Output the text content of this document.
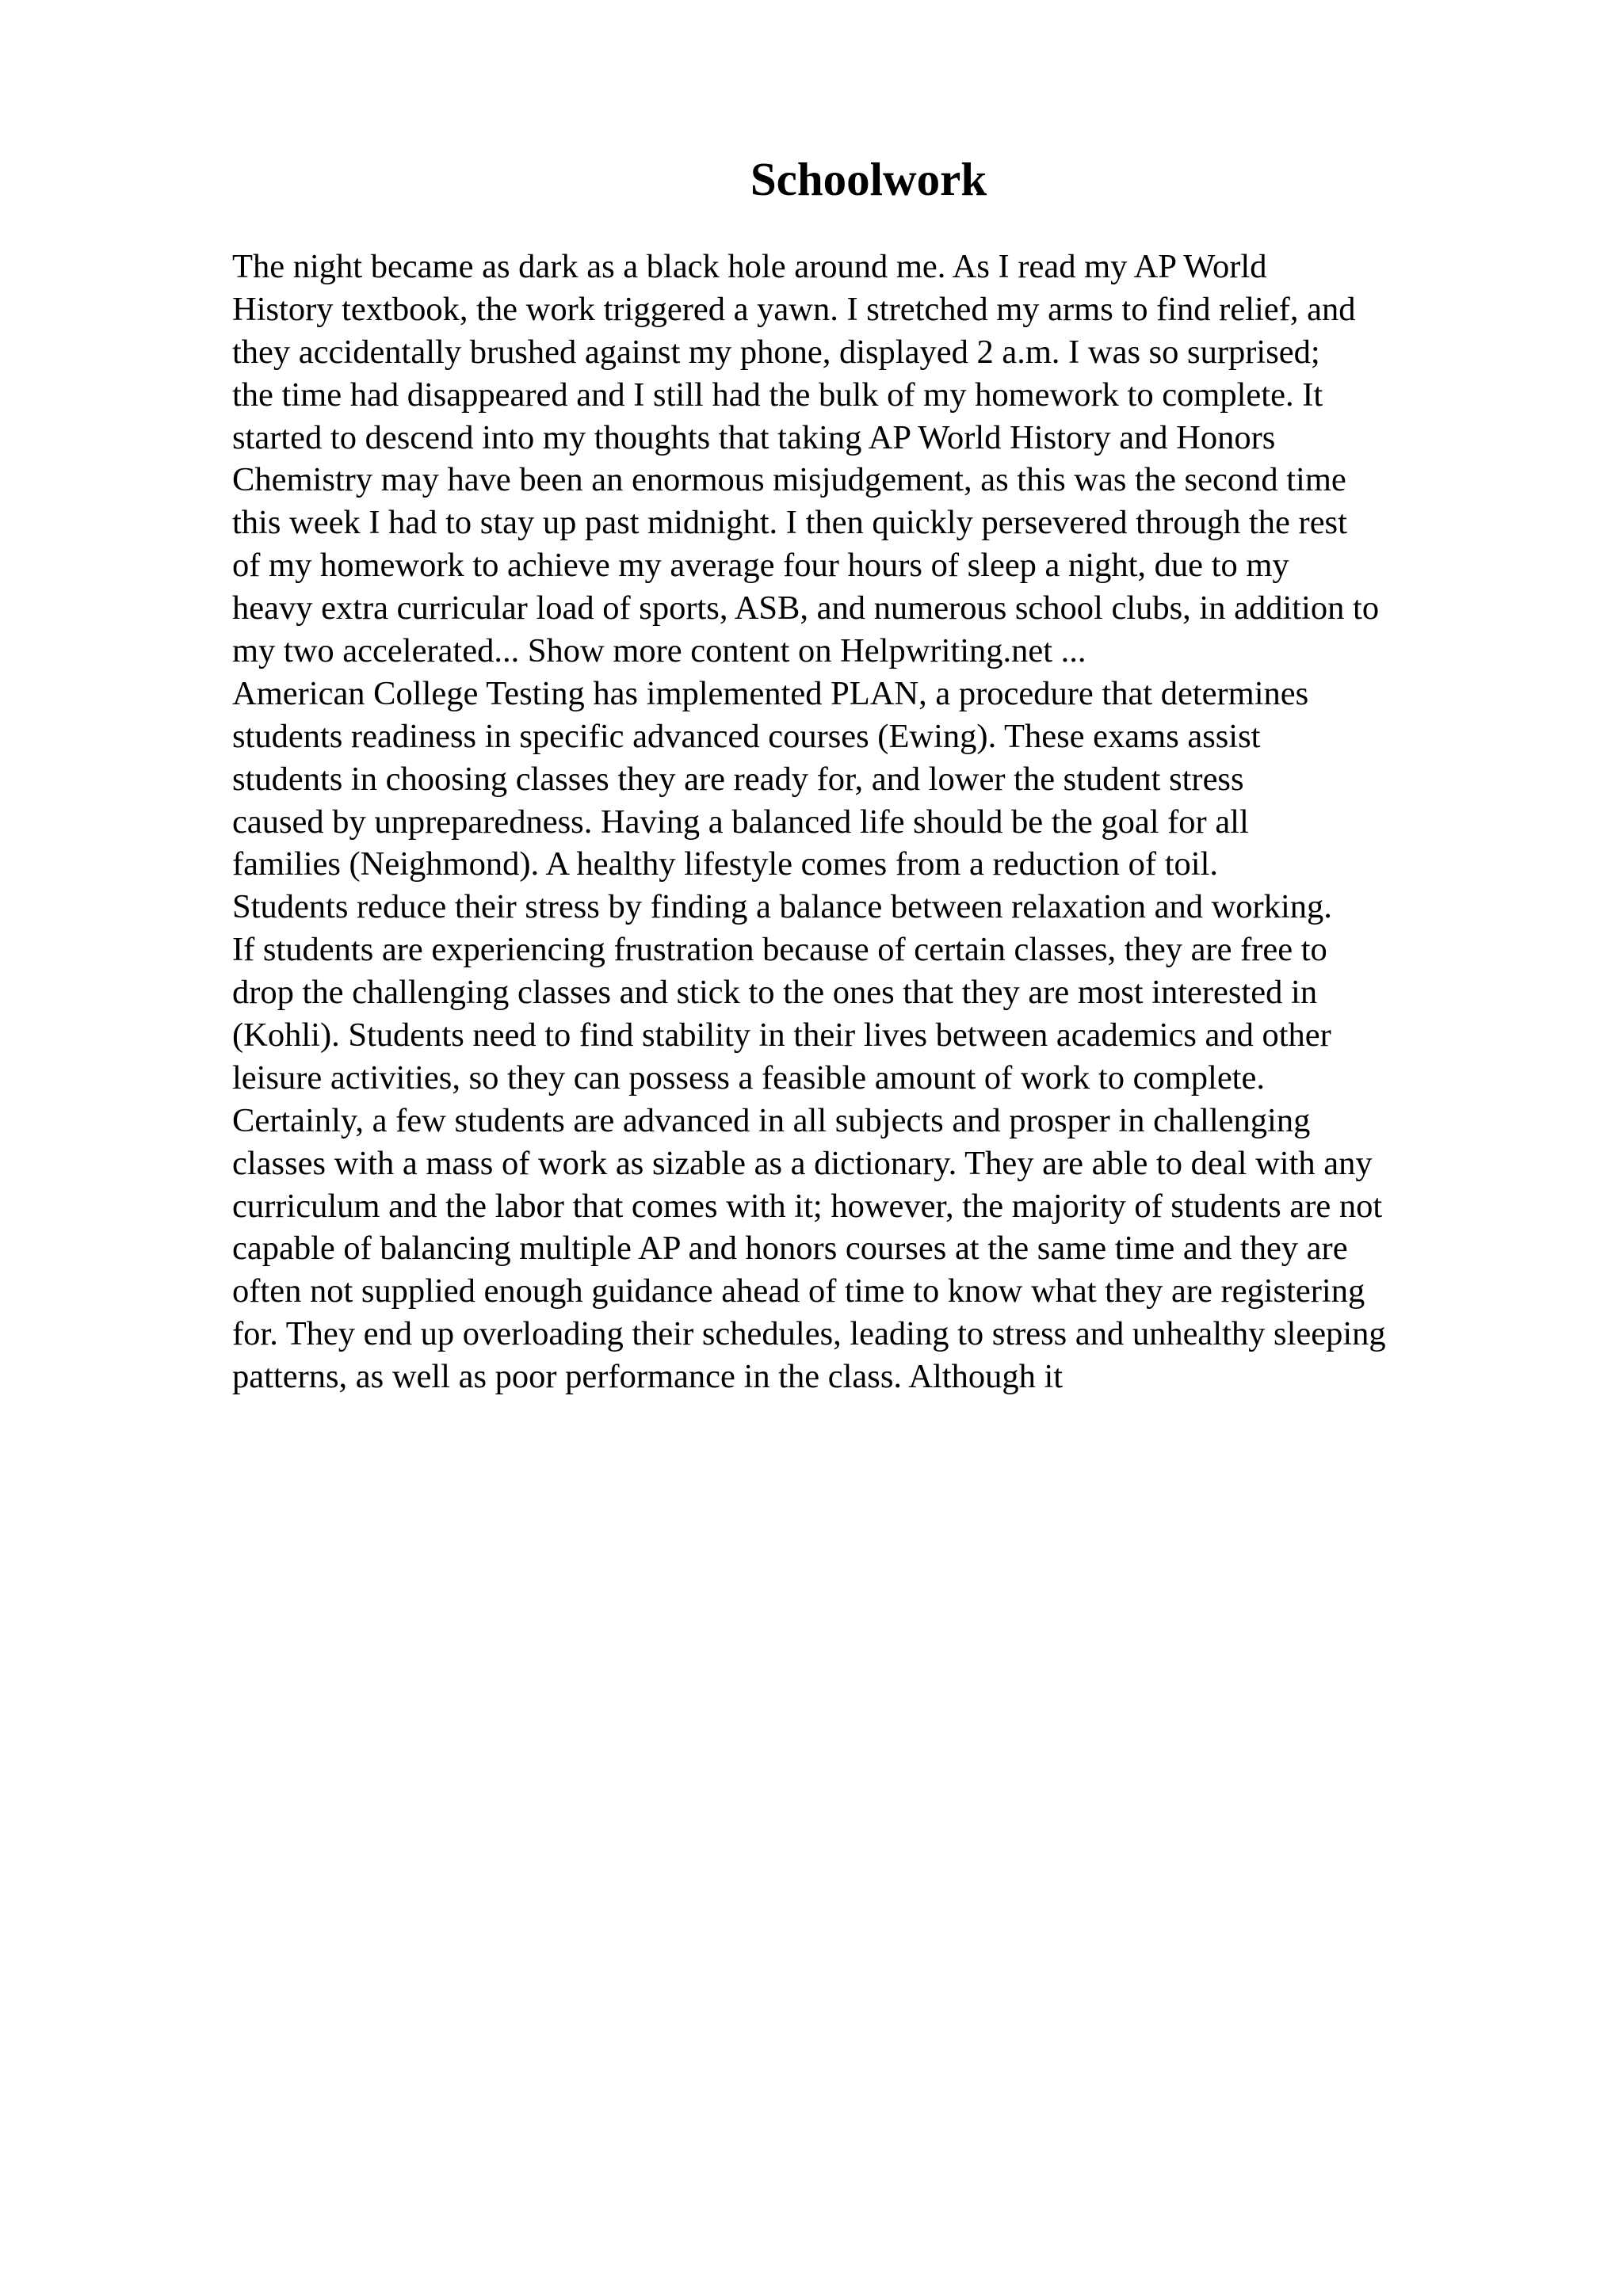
Schoolwork
The night became as dark as a black hole around me. As I read my AP World
History textbook, the work triggered a yawn. I stretched my arms to find relief, and
they accidentally brushed against my phone, displayed 2 a.m. I was so surprised;
the time had disappeared and I still had the bulk of my homework to complete. It
started to descend into my thoughts that taking AP World History and Honors
Chemistry may have been an enormous misjudgement, as this was the second time
this week I had to stay up past midnight. I then quickly persevered through the rest
of my homework to achieve my average four hours of sleep a night, due to my
heavy extra curricular load of sports, ASB, and numerous school clubs, in addition to
my two accelerated... Show more content on Helpwriting.net ...
American College Testing has implemented PLAN, a procedure that determines
students readiness in specific advanced courses (Ewing). These exams assist
students in choosing classes they are ready for, and lower the student stress
caused by unpreparedness. Having a balanced life should be the goal for all
families (Neighmond). A healthy lifestyle comes from a reduction of toil.
Students reduce their stress by finding a balance between relaxation and working.
If students are experiencing frustration because of certain classes, they are free to
drop the challenging classes and stick to the ones that they are most interested in
(Kohli). Students need to find stability in their lives between academics and other
leisure activities, so they can possess a feasible amount of work to complete.
Certainly, a few students are advanced in all subjects and prosper in challenging
classes with a mass of work as sizable as a dictionary. They are able to deal with any
curriculum and the labor that comes with it; however, the majority of students are not
capable of balancing multiple AP and honors courses at the same time and they are
often not supplied enough guidance ahead of time to know what they are registering
for. They end up overloading their schedules, leading to stress and unhealthy sleeping
patterns, as well as poor performance in the class. Although it
